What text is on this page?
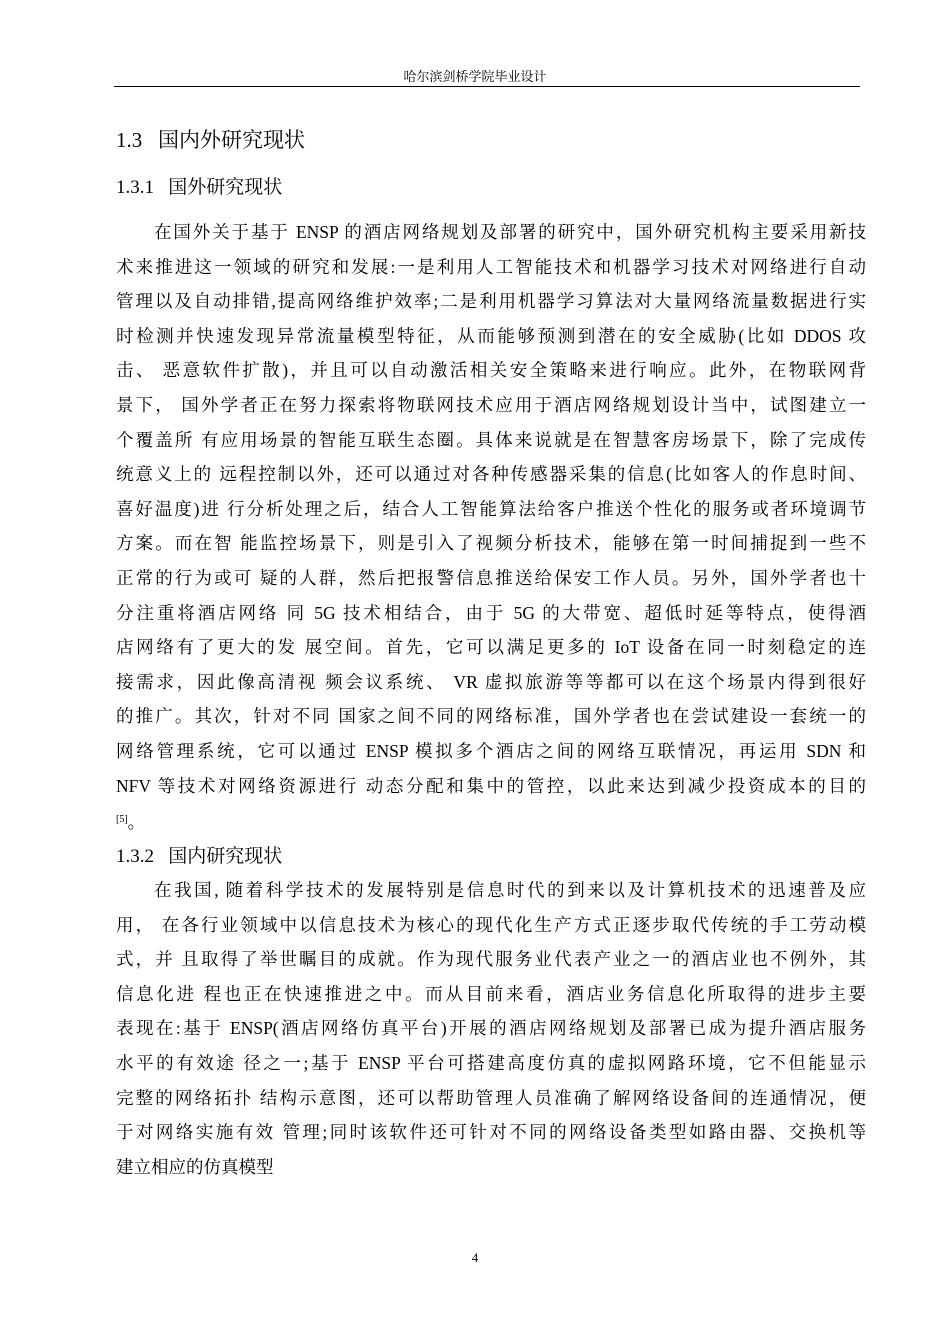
哈尔滨剑桥学院毕业设计
1.3 国内外研究现状
1.3.1 国外研究现状
在国外关于基于 ENSP 的酒店网络规划及部署的研究中，国外研究机构主要采用新技
术来推进这一领域的研究和发展:一是利用人工智能技术和机器学习技术对网络进行自动
管理以及自动排错,提高网络维护效率;二是利用机器学习算法对大量网络流量数据进行实
时检测并快速发现异常流量模型特征，从而能够预测到潜在的安全威胁(比如 DDOS 攻
击、 恶意软件扩散)，并且可以自动激活相关安全策略来进行响应。此外，在物联网背
景下， 国外学者正在努力探索将物联网技术应用于酒店网络规划设计当中，试图建立一
个覆盖所 有应用场景的智能互联生态圈。具体来说就是在智慧客房场景下，除了完成传
统意义上的 远程控制以外，还可以通过对各种传感器采集的信息(比如客人的作息时间、
喜好温度)进 行分析处理之后，结合人工智能算法给客户推送个性化的服务或者环境调节
方案。而在智 能监控场景下，则是引入了视频分析技术，能够在第一时间捕捉到一些不
正常的行为或可 疑的人群，然后把报警信息推送给保安工作人员。另外，国外学者也十
分注重将酒店网络 同 5G 技术相结合，由于 5G 的大带宽、超低时延等特点，使得酒
店网络有了更大的发 展空间。首先，它可以满足更多的 IoT 设备在同一时刻稳定的连
接需求，因此像高清视 频会议系统、 VR 虚拟旅游等等都可以在这个场景内得到很好
的推广。其次，针对不同 国家之间不同的网络标准，国外学者也在尝试建设一套统一的
网络管理系统，它可以通过 ENSP 模拟多个酒店之间的网络互联情况，再运用 SDN 和
NFV 等技术对网络资源进行 动态分配和集中的管控，以此来达到减少投资成本的目的
[5]。
1.3.2 国内研究现状
在我国, 随着科学技术的发展特别是信息时代的到来以及计算机技术的迅速普及应
用， 在各行业领域中以信息技术为核心的现代化生产方式正逐步取代传统的手工劳动模
式，并 且取得了举世瞩目的成就。作为现代服务业代表产业之一的酒店业也不例外，其
信息化进 程也正在快速推进之中。而从目前来看，酒店业务信息化所取得的进步主要
表现在:基于 ENSP(酒店网络仿真平台)开展的酒店网络规划及部署已成为提升酒店服务
水平的有效途 径之一;基于 ENSP 平台可搭建高度仿真的虚拟网路环境，它不但能显示
完整的网络拓扑 结构示意图，还可以帮助管理人员准确了解网络设备间的连通情况，便
于对网络实施有效 管理;同时该软件还可针对不同的网络设备类型如路由器、交换机等
建立相应的仿真模型
4
